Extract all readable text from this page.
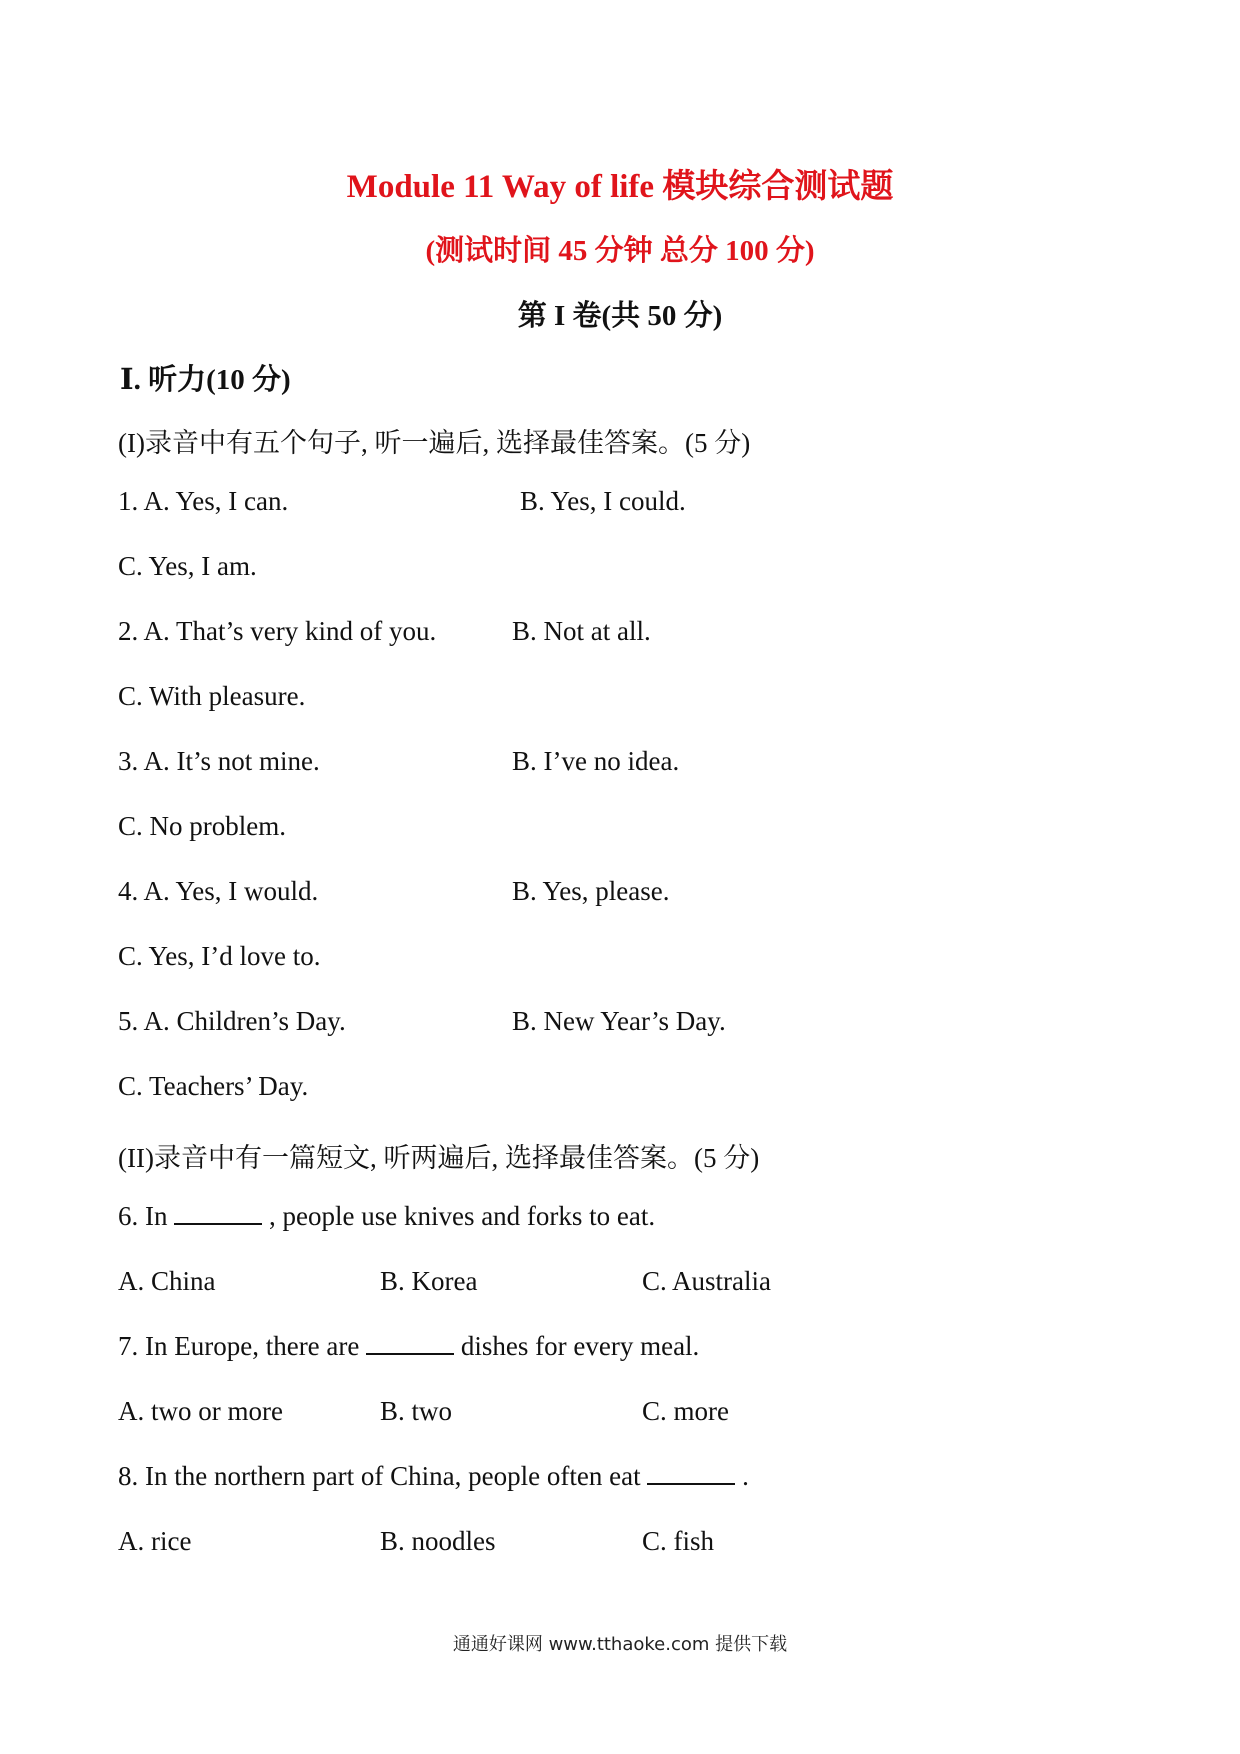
Module 11 Way of life 模块综合测试题
(测试时间 45 分钟 总分 100 分)
第 I 卷(共 50 分)
Ⅰ. 听力(10 分)
(I)录音中有五个句子, 听一遍后, 选择最佳答案。(5 分)
1. A. Yes, I can.	B. Yes, I could.
C. Yes, I am.
2. A. That’s very kind of you.	B. Not at all.
C. With pleasure.
3. A. It’s not mine.	B. I’ve no idea.
C. No problem.
4. A. Yes, I would.	B. Yes, please.
C. Yes, I’d love to.
5. A. Children’s Day.	B. New Year’s Day.
C. Teachers’ Day.
(II)录音中有一篇短文, 听两遍后, 选择最佳答案。(5 分)
6. In	, people use knives and forks to eat.
A. China	B. Korea	C. Australia
7. In Europe, there are	dishes for every meal.
A. two or more	B. two	C. more
8. In the northern part of China, people often eat	.
A. rice	B. noodles	C. fish
通通好课网 www.tthaoke.com 提供下载
